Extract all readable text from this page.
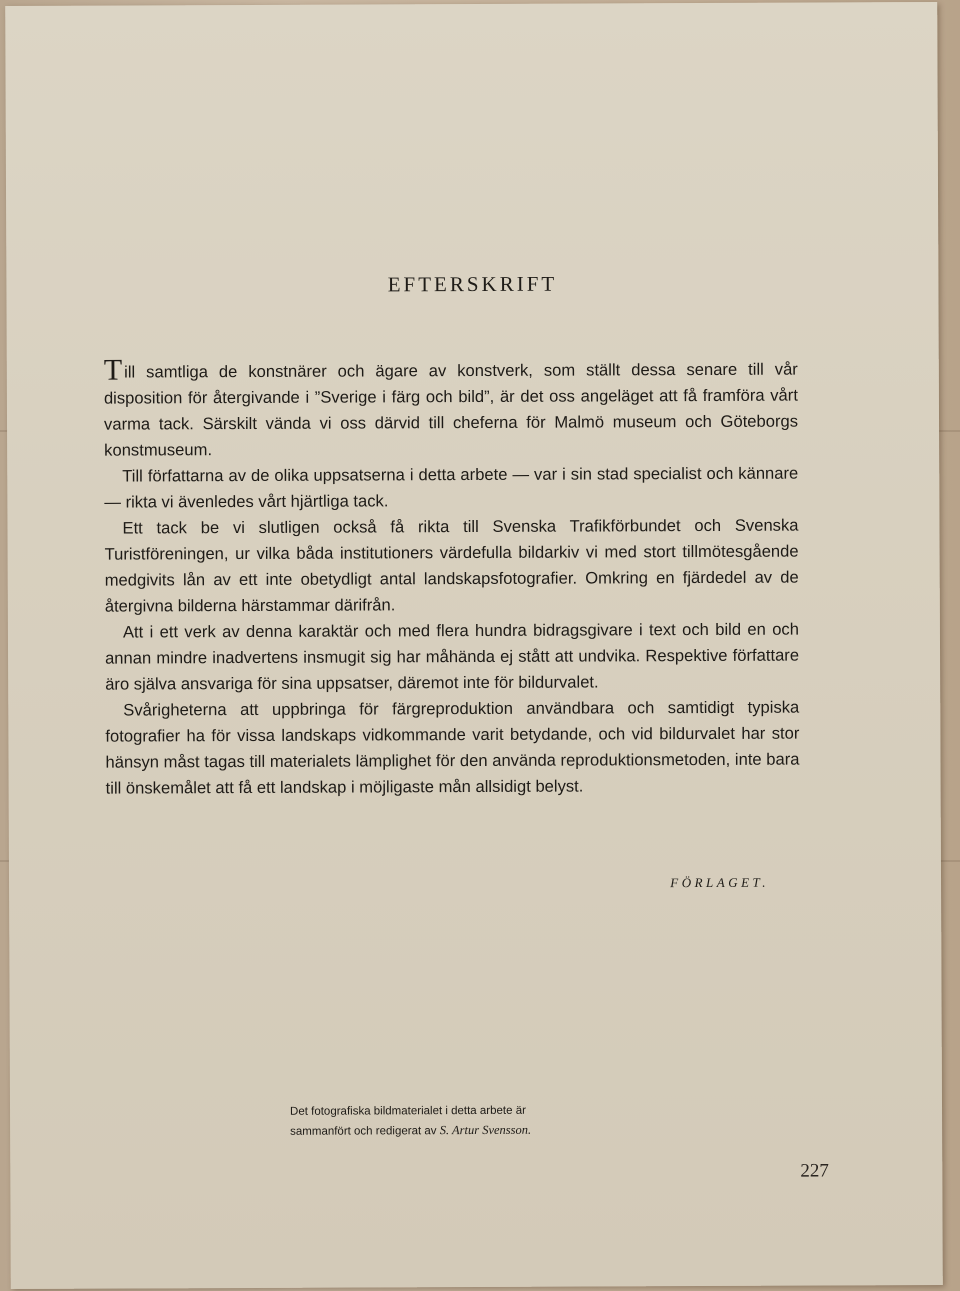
EFTERSKRIFT

Till samtliga de konstnärer och ägare av konstverk, som ställt dessa senare till vår disposition för återgivande i ”Sverige i färg och bild”, är det oss angeläget att få framföra vårt varma tack. Särskilt vända vi oss därvid till cheferna för Malmö museum och Göteborgs konstmuseum.

Till författarna av de olika uppsatserna i detta arbete — var i sin stad specialist och kännare — rikta vi ävenledes vårt hjärtliga tack.

Ett tack be vi slutligen också få rikta till Svenska Trafikförbundet och Svenska Turistföreningen, ur vilka båda institutioners värdefulla bildarkiv vi med stort tillmötesgående medgivits lån av ett inte obetydligt antal landskapsfotografier. Omkring en fjärdedel av de återgivna bilderna härstammar därifrån.

Att i ett verk av denna karaktär och med flera hundra bidragsgivare i text och bild en och annan mindre inadvertens insmugit sig har måhända ej stått att undvika. Respektive författare äro själva ansvariga för sina uppsatser, däremot inte för bildurvalet.

Svårigheterna att uppbringa för färgreproduktion användbara och samtidigt typiska fotografier ha för vissa landskaps vidkommande varit betydande, och vid bildurvalet har stor hänsyn måst tagas till materialets lämplighet för den använda reproduktionsmetoden, inte bara till önskemålet att få ett landskap i möjligaste mån allsidigt belyst.

FÖRLAGET.
Det fotografiska bildmaterialet i detta arbete är
sammanfört och redigerat av S. Artur Svensson.
227
